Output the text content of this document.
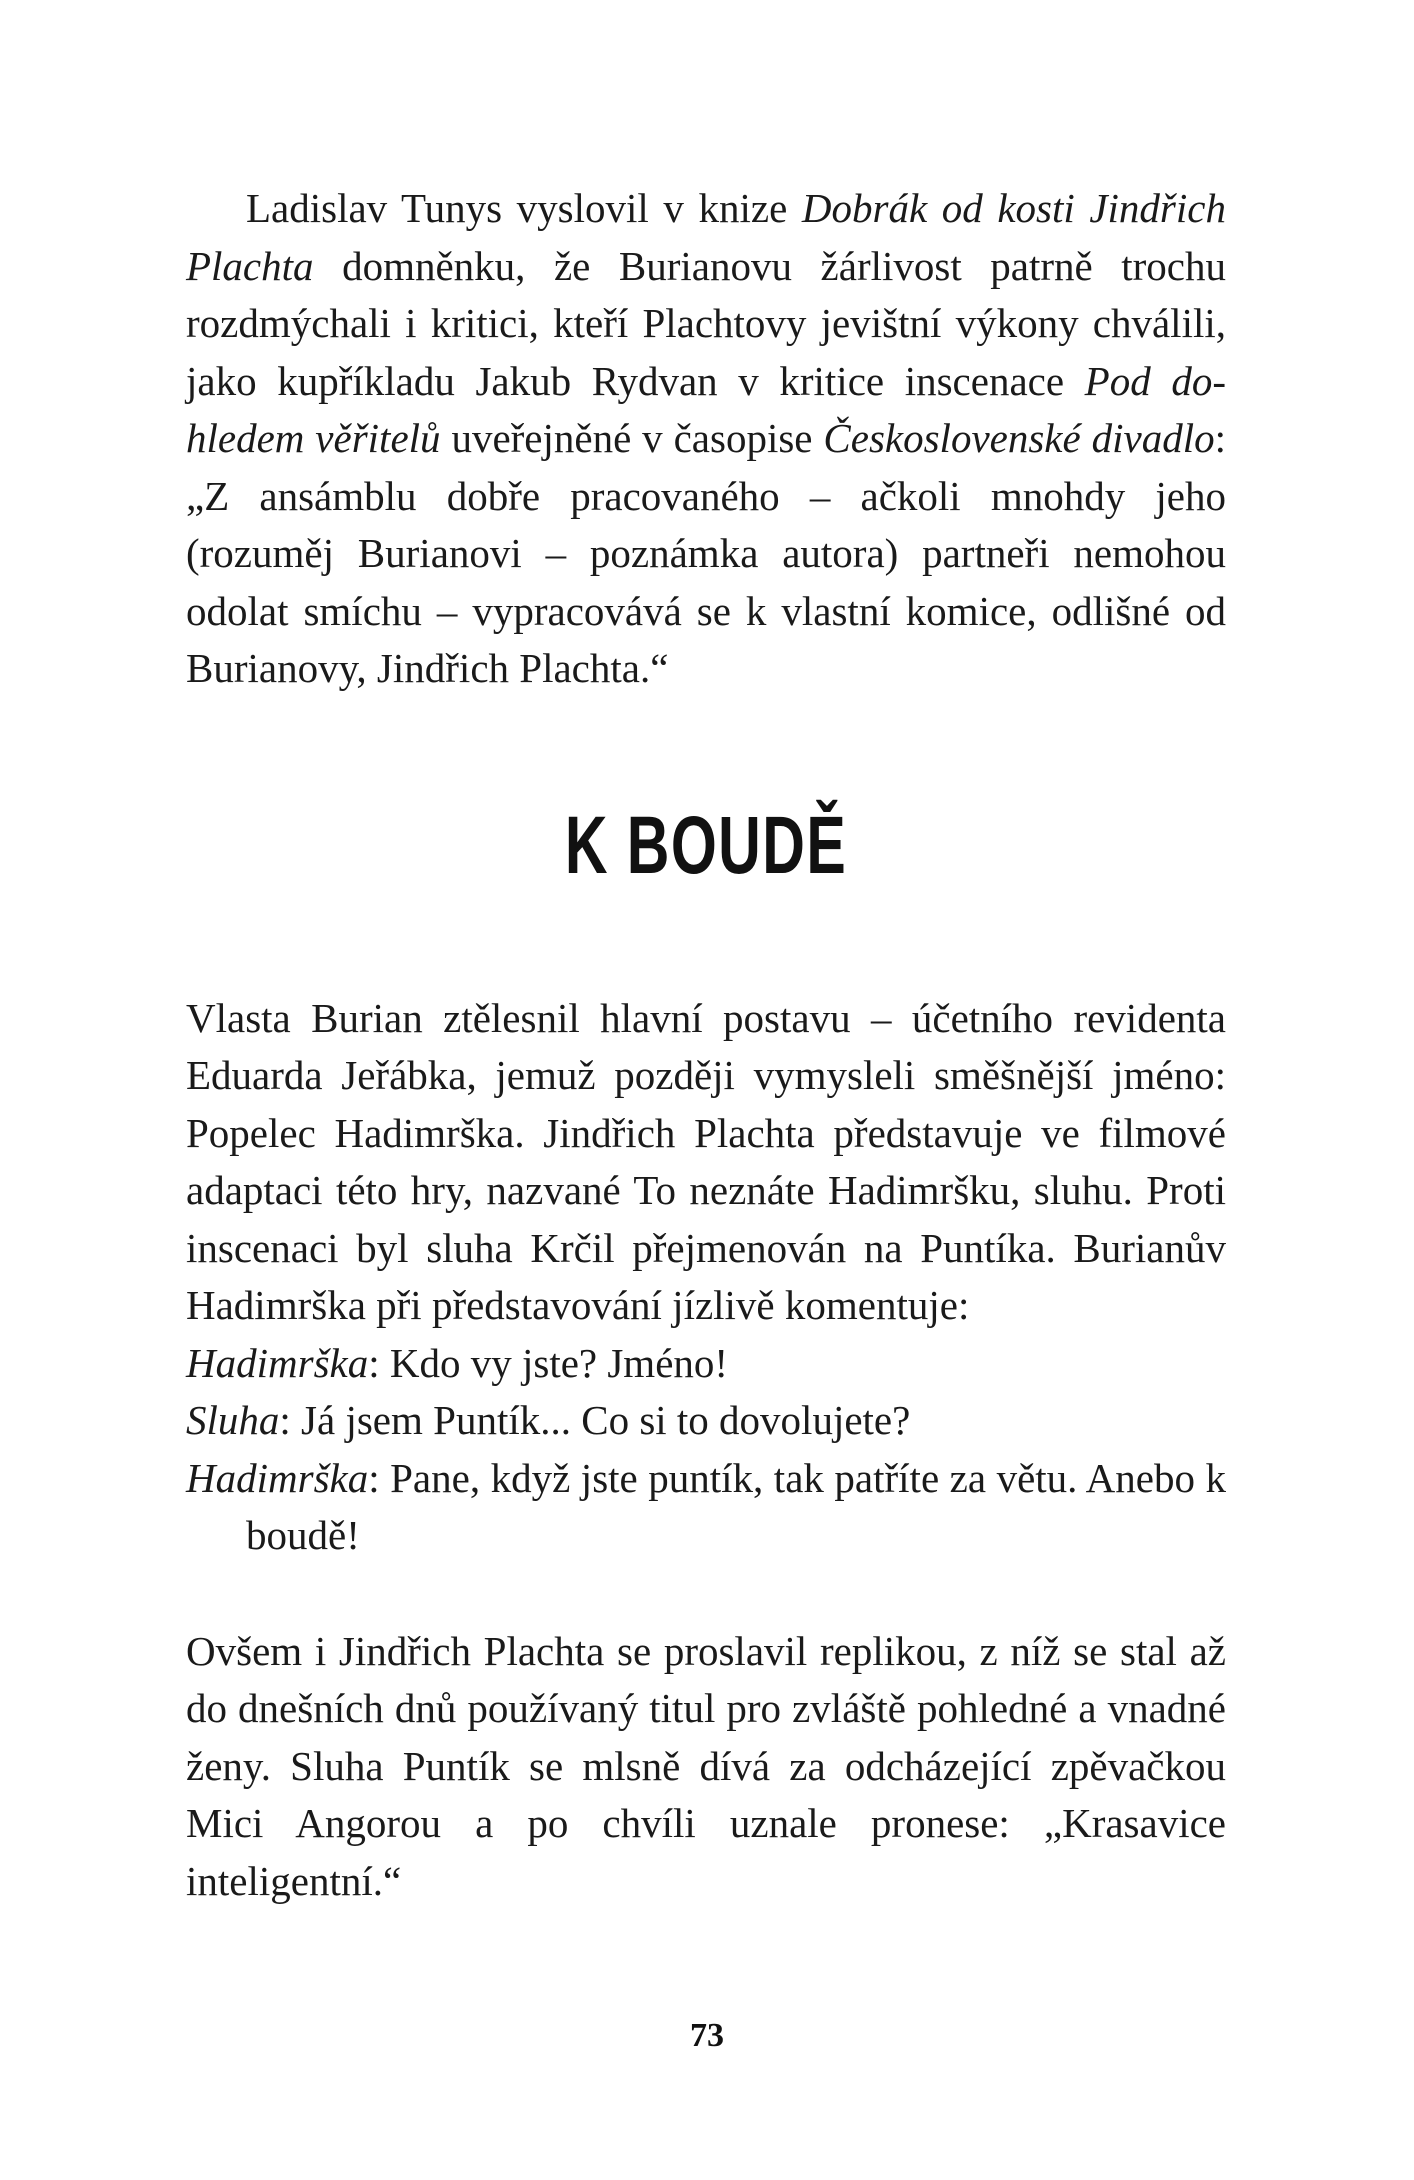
Ladislav Tunys vyslovil v knize Dobrák od kosti Jindřich Plachta domněnku, že Burianovu žárlivost patrně trochu rozdmýchali i kritici, kteří Plachtovy jevištní výkony chválili, jako kupříkladu Jakub Rydvan v kritice inscenace Pod dohledem věřitelů uveřejněné v časopise Československé divadlo: „Z ansámblu dobře pracovaného – ačkoli mnohdy jeho (rozuměj Burianovi – poznámka autora) partneři nemohou odolat smíchu – vypracovává se k vlastní komice, odlišné od Burianovy, Jindřich Plachta.“

K BOUDĚ

Vlasta Burian ztělesnil hlavní postavu – účetního revidenta Eduarda Jeřábka, jemuž později vymysleli směšnější jméno: Popelec Hadimrška. Jindřich Plachta představuje ve filmové adaptaci této hry, nazvané To neznáte Hadimršku, sluhu. Proti inscenaci byl sluha Krčil přejmenován na Puntíka. Burianův Hadimrška při představování jízlivě komentuje:

Hadimrška: Kdo vy jste? Jméno!

Sluha: Já jsem Puntík... Co si to dovolujete?

Hadimrška: Pane, když jste puntík, tak patříte za větu. Anebo k boudě!

Ovšem i Jindřich Plachta se proslavil replikou, z níž se stal až do dnešních dnů používaný titul pro zvláště pohledné a vnadné ženy. Sluha Puntík se mlsně dívá za odcházející zpěvačkou Mici Angorou a po chvíli uznale pronese: „Krasavice inteligentní.“

73
